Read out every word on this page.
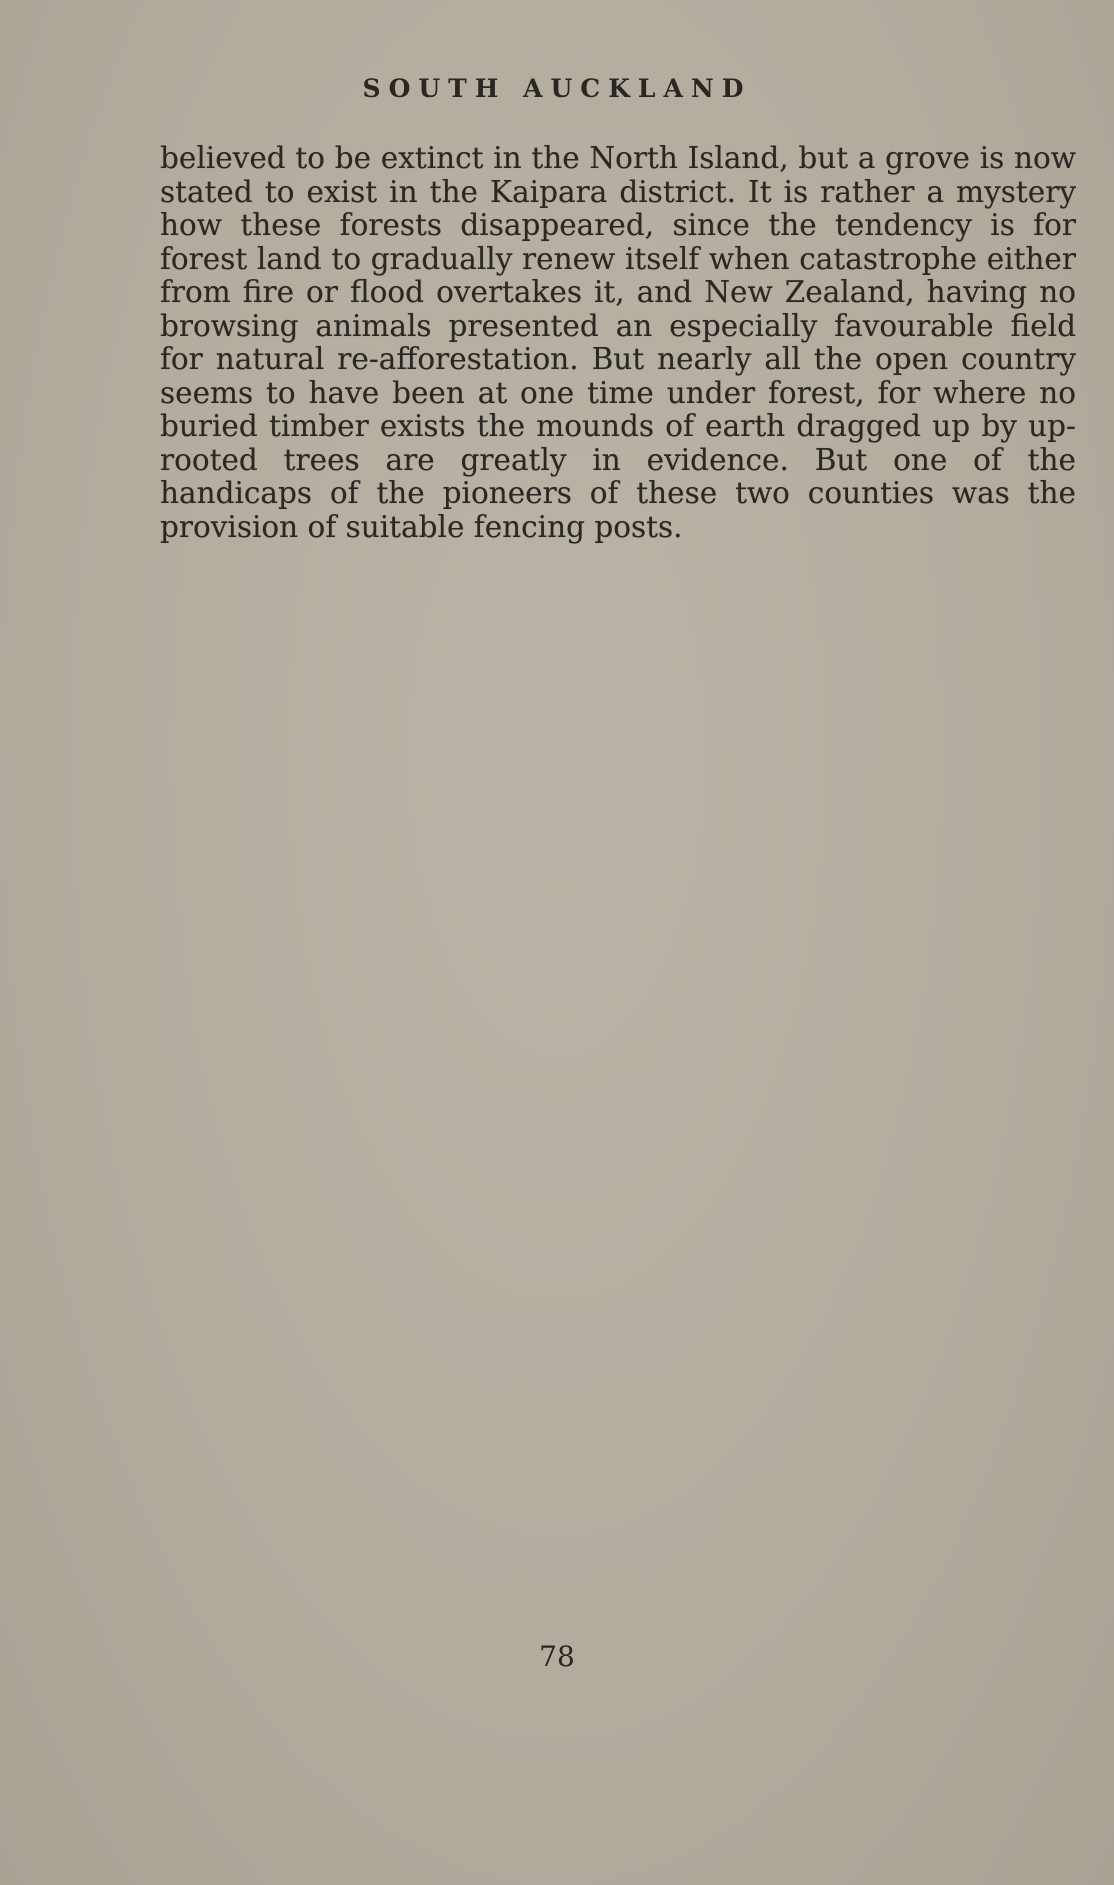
SOUTH AUCKLAND

believed to be extinct in the North Island, but a grove is now stated to exist in the Kaipara district. It is rather a mystery how these forests disappeared, since the tendency is for forest land to gradually renew itself when catastrophe either from fire or flood overtakes it, and New Zealand, having no browsing animals presented an especially favourable field for natural re-afforestation. But nearly all the open country seems to have been at one time under forest, for where no buried timber exists the mounds of earth dragged up by up-rooted trees are greatly in evidence. But one of the handicaps of the pioneers of these two counties was the provision of suitable fencing posts.

78
